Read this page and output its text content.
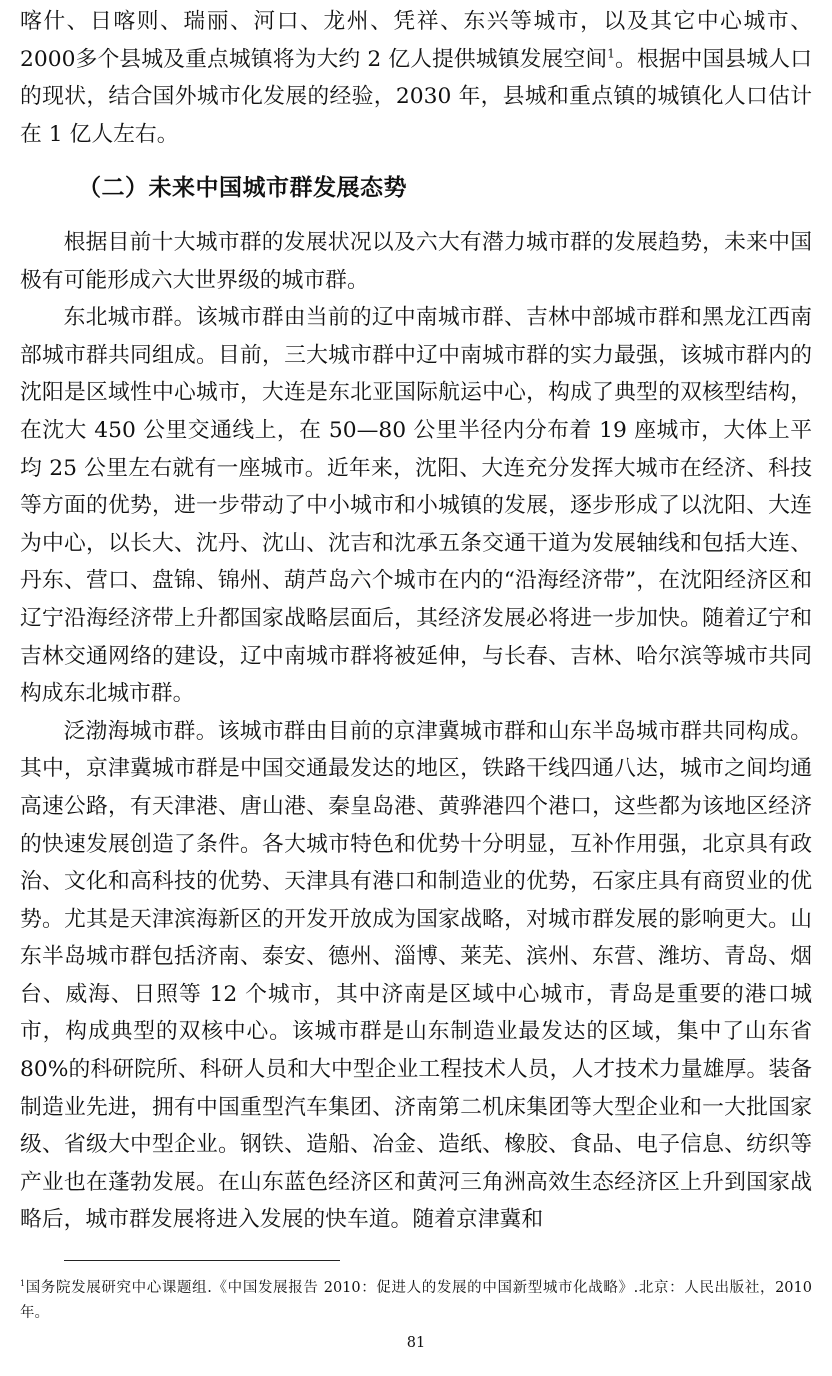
喀什、日喀则、瑞丽、河口、龙州、凭祥、东兴等城市，以及其它中心城市、2000多个县城及重点城镇将为大约 2 亿人提供城镇发展空间$^1$。根据中国县城人口的现状，结合国外城市化发展的经验，2030 年，县城和重点镇的城镇化人口估计在 1 亿人左右。

（二）未来中国城市群发展态势

根据目前十大城市群的发展状况以及六大有潜力城市群的发展趋势，未来中国极有可能形成六大世界级的城市群。

东北城市群。该城市群由当前的辽中南城市群、吉林中部城市群和黑龙江西南部城市群共同组成。目前，三大城市群中辽中南城市群的实力最强，该城市群内的沈阳是区域性中心城市，大连是东北亚国际航运中心，构成了典型的双核型结构，在沈大 450 公里交通线上，在 50—80 公里半径内分布着 19 座城市，大体上平均 25 公里左右就有一座城市。近年来，沈阳、大连充分发挥大城市在经济、科技等方面的优势，进一步带动了中小城市和小城镇的发展，逐步形成了以沈阳、大连为中心，以长大、沈丹、沈山、沈吉和沈承五条交通干道为发展轴线和包括大连、丹东、营口、盘锦、锦州、葫芦岛六个城市在内的“沿海经济带”，在沈阳经济区和辽宁沿海经济带上升都国家战略层面后，其经济发展必将进一步加快。随着辽宁和吉林交通网络的建设，辽中南城市群将被延伸，与长春、吉林、哈尔滨等城市共同构成东北城市群。

泛渤海城市群。该城市群由目前的京津冀城市群和山东半岛城市群共同构成。其中，京津冀城市群是中国交通最发达的地区，铁路干线四通八达，城市之间均通高速公路，有天津港、唐山港、秦皇岛港、黄骅港四个港口，这些都为该地区经济的快速发展创造了条件。各大城市特色和优势十分明显，互补作用强，北京具有政治、文化和高科技的优势、天津具有港口和制造业的优势，石家庄具有商贸业的优势。尤其是天津滨海新区的开发开放成为国家战略，对城市群发展的影响更大。山东半岛城市群包括济南、泰安、德州、淄博、莱芜、滨州、东营、潍坊、青岛、烟台、威海、日照等 12 个城市，其中济南是区域中心城市，青岛是重要的港口城市，构成典型的双核中心。该城市群是山东制造业最发达的区域，集中了山东省 80%的科研院所、科研人员和大中型企业工程技术人员，人才技术力量雄厚。装备制造业先进，拥有中国重型汽车集团、济南第二机床集团等大型企业和一大批国家级、省级大中型企业。钢铁、造船、冶金、造纸、橡胶、食品、电子信息、纺织等产业也在蓬勃发展。在山东蓝色经济区和黄河三角洲高效生态经济区上升到国家战略后，城市群发展将进入发展的快车道。随着京津冀和

$^1$国务院发展研究中心课题组.《中国发展报告 2010：促进人的发展的中国新型城市化战略》.北京：人民出版社，2010 年。

81
